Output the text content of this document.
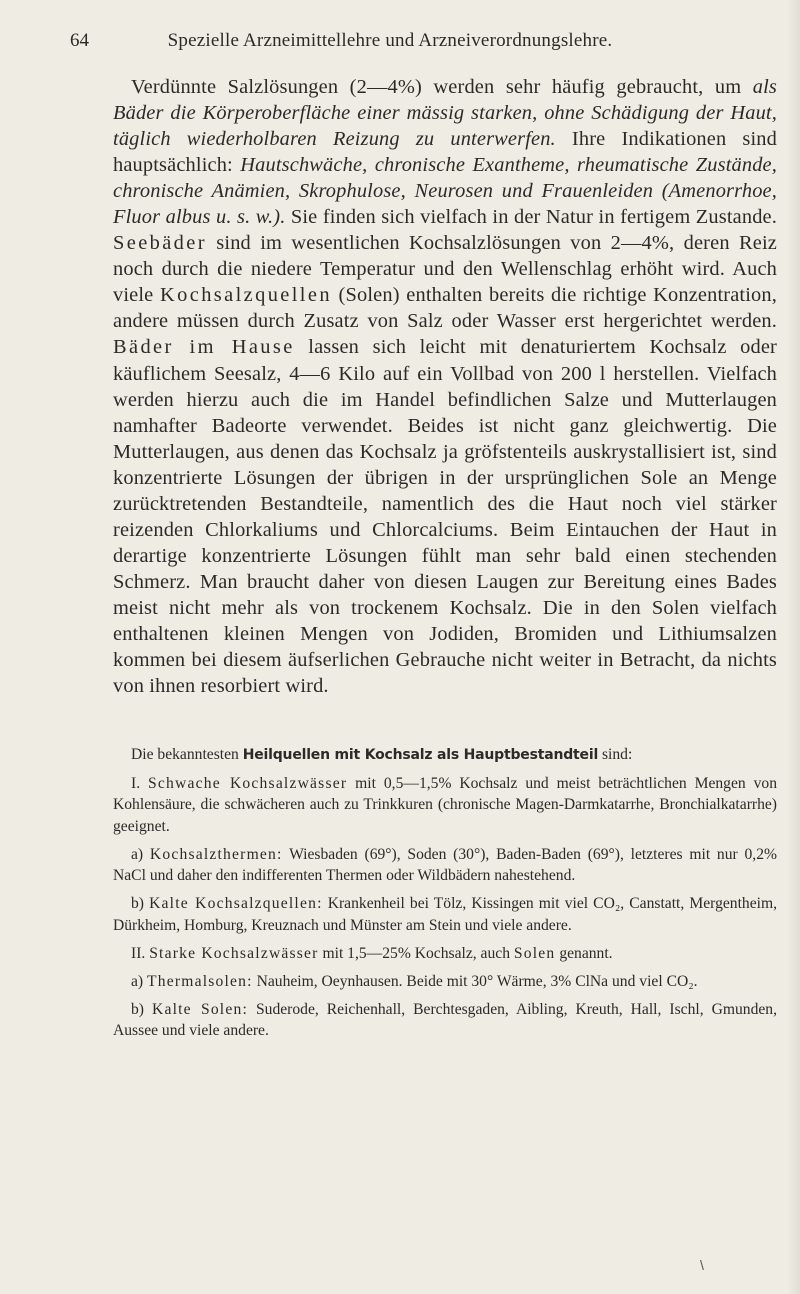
64	Spezielle Arzneimittellehre und Arzneiverordnungslehre.

Verdünnte Salzlösungen (2—4%) werden sehr häufig gebraucht, um als Bäder die Körperoberfläche einer mässig starken, ohne Schädigung der Haut, täglich wiederholbaren Reizung zu unterwerfen. Ihre Indikationen sind hauptsächlich: Hautschwäche, chronische Exantheme, rheumatische Zustände, chronische Anämien, Skrophulose, Neurosen und Frauenleiden (Amenorrhoe, Fluor albus u. s. w.). Sie finden sich vielfach in der Natur in fertigem Zustande. Seebäder sind im wesentlichen Kochsalzlösungen von 2—4%, deren Reiz noch durch die niedere Temperatur und den Wellenschlag erhöht wird. Auch viele Kochsalzquellen (Solen) enthalten bereits die richtige Konzentration, andere müssen durch Zusatz von Salz oder Wasser erst hergerichtet werden. Bäder im Hause lassen sich leicht mit denaturiertem Kochsalz oder käuflichem Seesalz, 4—6 Kilo auf ein Vollbad von 200 l herstellen. Vielfach werden hierzu auch die im Handel befindlichen Salze und Mutterlaugen namhafter Badeorte verwendet. Beides ist nicht ganz gleichwertig. Die Mutterlaugen, aus denen das Kochsalz ja gröfstenteils auskrystallisiert ist, sind konzentrierte Lösungen der übrigen in der ursprünglichen Sole an Menge zurücktretenden Bestandteile, namentlich des die Haut noch viel stärker reizenden Chlorkaliums und Chlorcalciums. Beim Eintauchen der Haut in derartige konzentrierte Lösungen fühlt man sehr bald einen stechenden Schmerz. Man braucht daher von diesen Laugen zur Bereitung eines Bades meist nicht mehr als von trockenem Kochsalz. Die in den Solen vielfach enthaltenen kleinen Mengen von Jodiden, Bromiden und Lithiumsalzen kommen bei diesem äufserlichen Gebrauche nicht weiter in Betracht, da nichts von ihnen resorbiert wird.

Die bekanntesten Heilquellen mit Kochsalz als Hauptbestandteil sind:

I. Schwache Kochsalzwässer mit 0,5—1,5% Kochsalz und meist beträchtlichen Mengen von Kohlensäure, die schwächeren auch zu Trinkkuren (chronische Magen-Darmkatarrhe, Bronchialkatarrhe) geeignet.

a) Kochsalzthermen: Wiesbaden (69°), Soden (30°), Baden-Baden (69°), letzteres mit nur 0,2% NaCl und daher den indifferenten Thermen oder Wildbädern nahestehend.

b) Kalte Kochsalzquellen: Krankenheil bei Tölz, Kissingen mit viel CO₂, Canstatt, Mergentheim, Dürkheim, Homburg, Kreuznach und Münster am Stein und viele andere.

II. Starke Kochsalzwässer mit 1,5—25% Kochsalz, auch Solen genannt.

a) Thermalsolen: Nauheim, Oeynhausen. Beide mit 30° Wärme, 3% ClNa und viel CO₂.

b) Kalte Solen: Suderode, Reichenhall, Berchtesgaden, Aibling, Kreuth, Hall, Ischl, Gmunden, Aussee und viele andere.

\
